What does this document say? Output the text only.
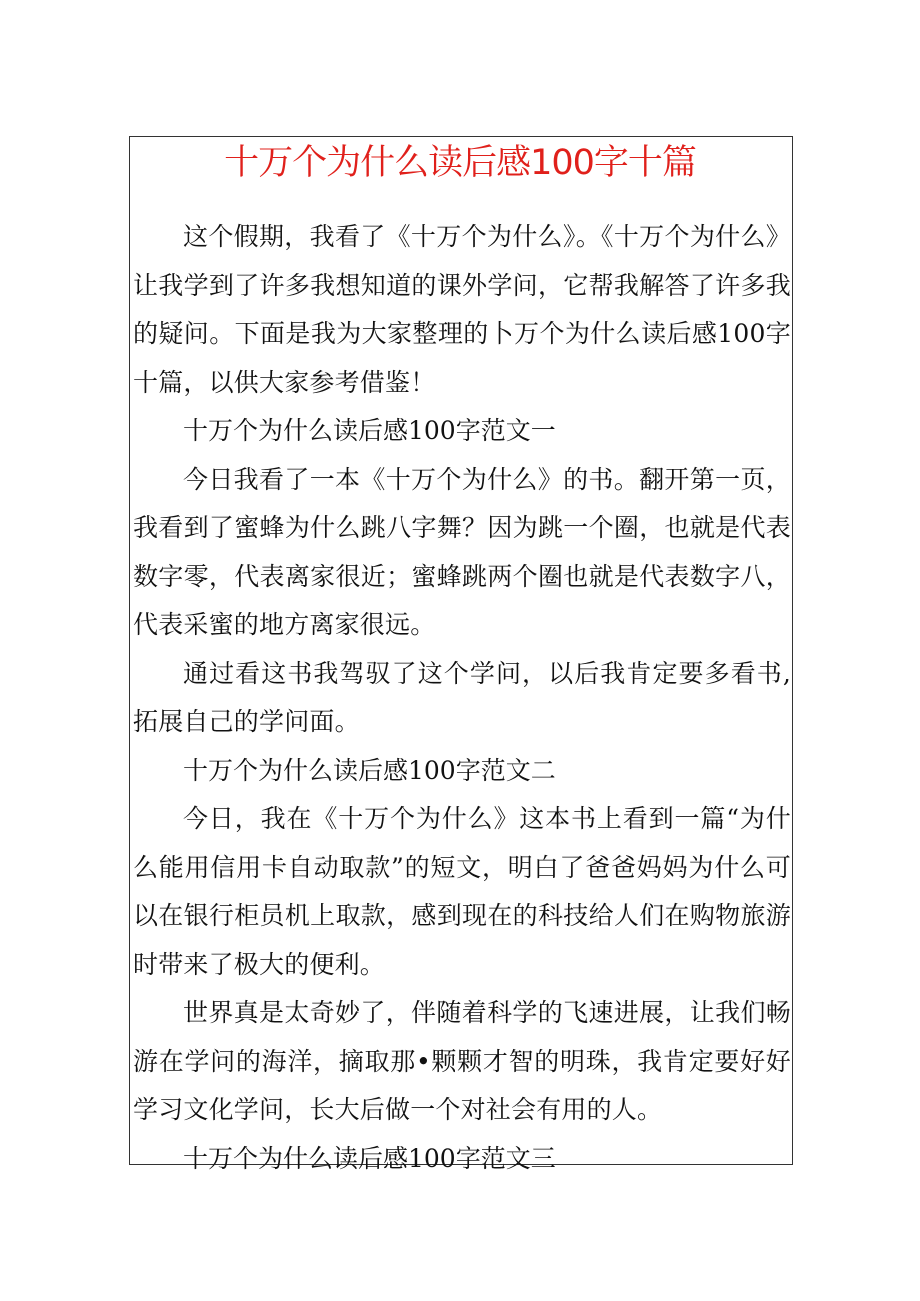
十万个为什么读后感100字十篇

这个假期，我看了《十万个为什么》。《十万个为什么》让我学到了许多我想知道的课外学问，它帮我解答了许多我的疑问。下面是我为大家整理的卜万个为什么读后感100字十篇，以供大家参考借鉴！

十万个为什么读后感100字范文一

今日我看了一本《十万个为什么》的书。翻开第一页，我看到了蜜蜂为什么跳八字舞？因为跳一个圈，也就是代表数字零，代表离家很近；蜜蜂跳两个圈也就是代表数字八，代表采蜜的地方离家很远。

通过看这书我驾驭了这个学问，以后我肯定要多看书,拓展自己的学问面。

十万个为什么读后感100字范文二

今日，我在《十万个为什么》这本书上看到一篇“为什么能用信用卡自动取款”的短文，明白了爸爸妈妈为什么可以在银行柜员机上取款，感到现在的科技给人们在购物旅游时带来了极大的便利。

世界真是太奇妙了，伴随着科学的飞速进展，让我们畅游在学问的海洋，摘取那•颗颗才智的明珠，我肯定要好好学习文化学问，长大后做一个对社会有用的人。

十万个为什么读后感100字范文三
